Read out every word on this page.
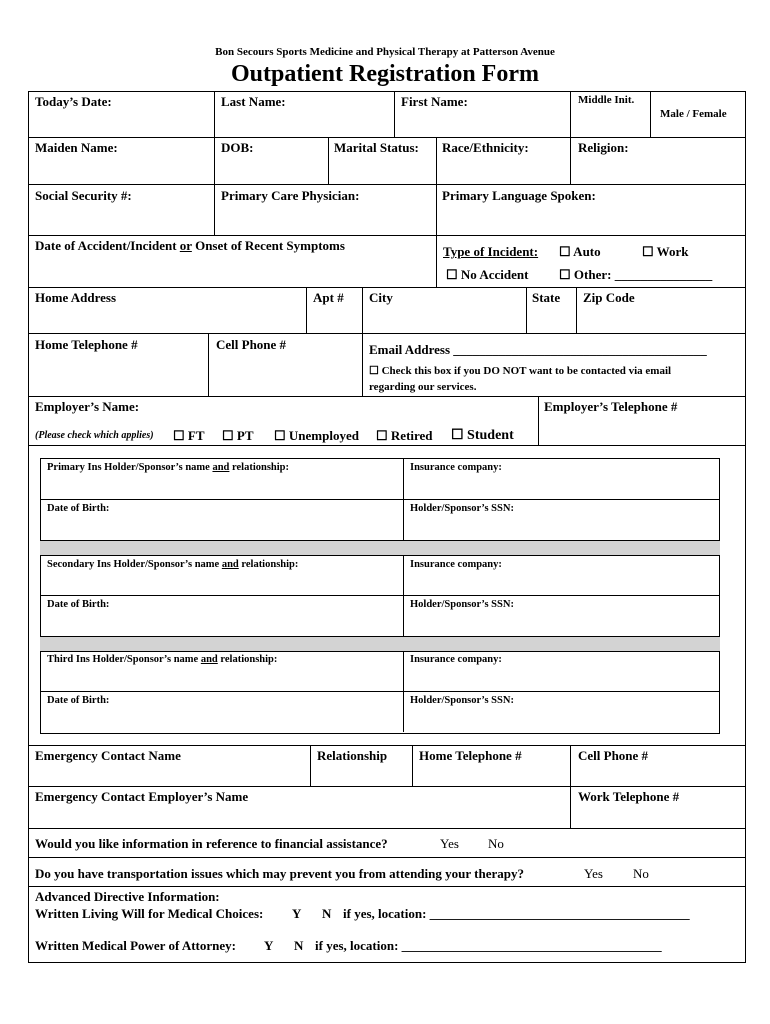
Bon Secours Sports Medicine and Physical Therapy at Patterson Avenue
Outpatient Registration Form
Today’s Date:	Last Name:	First Name:	Middle Init.
Male / Female
Maiden Name:	DOB:	Marital Status: Race/Ethnicity:	Religion:
Social Security #:	Primary Care Physician:	Primary Language Spoken:
Date of Accident/Incident or Onset of Recent Symptoms	Type of Incident: ☐ Auto	☐ Work
☐ No Accident ☐ Other: _______________
Home Address	Apt # City	State Zip Code
Home Telephone #	Cell Phone #	Email Address _______________________________________
☐ Check this box if you DO NOT want to be contacted via email
regarding our services.
Employer’s Name:	Employer’s Telephone #
(Please check which applies) ☐ FT ☐ PT ☐ Unemployed ☐ Retired ☐ Student
Primary Ins Holder/Sponsor’s name and relationship:	Insurance company:
Date of Birth:	Holder/Sponsor’s SSN:
Secondary Ins Holder/Sponsor’s name and relationship:	Insurance company:
Date of Birth:	Holder/Sponsor’s SSN:
Third Ins Holder/Sponsor’s name and relationship:	Insurance company:
Date of Birth:	Holder/Sponsor’s SSN:
Emergency Contact Name	Relationship Home Telephone #	Cell Phone #
Emergency Contact Employer’s Name	Work Telephone #
Would you like information in reference to financial assistance?	Yes No
Do you have transportation issues which may prevent you from attending your therapy?	Yes No
Advanced Directive Information:
Written Living Will for Medical Choices: Y N if yes, location: ________________________________________
Written Medical Power of Attorney: Y N if yes, location: ________________________________________
